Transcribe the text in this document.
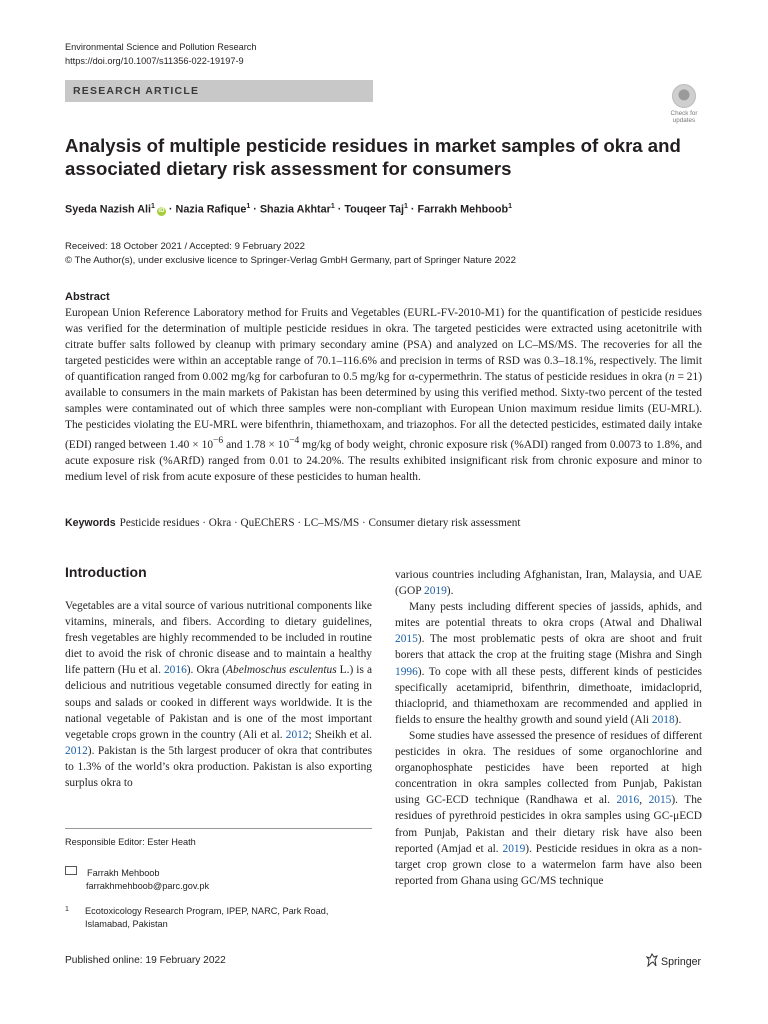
Environmental Science and Pollution Research
https://doi.org/10.1007/s11356-022-19197-9
RESEARCH ARTICLE
Check for updates
Analysis of multiple pesticide residues in market samples of okra and associated dietary risk assessment for consumers
Syeda Nazish Ali$^1$iD · Nazia Rafique$^1$ · Shazia Akhtar$^1$ · Touqeer Taj$^1$ · Farrakh Mehboob$^1$
Received: 18 October 2021 / Accepted: 9 February 2022
© The Author(s), under exclusive licence to Springer-Verlag GmbH Germany, part of Springer Nature 2022
Abstract
European Union Reference Laboratory method for Fruits and Vegetables (EURL-FV-2010-M1) for the quantification of pesticide residues was verified for the determination of multiple pesticide residues in okra. The targeted pesticides were extracted using acetonitrile with citrate buffer salts followed by cleanup with primary secondary amine (PSA) and analyzed on LC–MS/MS. The recoveries for all the targeted pesticides were within an acceptable range of 70.1–116.6% and precision in terms of RSD was 0.3–18.1%, respectively. The limit of quantification ranged from 0.002 mg/kg for carbofuran to 0.5 mg/kg for α-cypermethrin. The status of pesticide residues in okra (n = 21) available to consumers in the main markets of Pakistan has been determined by using this verified method. Sixty-two percent of the tested samples were contaminated out of which three samples were non-compliant with European Union maximum residue limits (EU-MRL). The pesticides violating the EU-MRL were bifenthrin, thiamethoxam, and triazophos. For all the detected pesticides, estimated daily intake (EDI) ranged between $1.40 \times 10^{-6}$ and $1.78 \times 10^{-4}$ mg/kg of body weight, chronic exposure risk (%ADI) ranged from 0.0073 to 1.8%, and acute exposure risk (%ARfD) ranged from 0.01 to 24.20%. The results exhibited insignificant risk from chronic exposure and minor to medium level of risk from acute exposure of these pesticides to human health.
Keywords Pesticide residues · Okra · QuEChERS · LC–MS/MS · Consumer dietary risk assessment
Introduction

Vegetables are a vital source of various nutritional components like vitamins, minerals, and fibers. According to dietary guidelines, fresh vegetables are highly recommended to be included in routine diet to avoid the risk of chronic disease and to maintain a healthy life pattern (Hu et al. 2016). Okra (Abelmoschus esculentus L.) is a delicious and nutritious vegetable consumed directly for eating in soups and salads or cooked in different ways worldwide. It is the national vegetable of Pakistan and is one of the most important vegetable crops grown in the country (Ali et al. 2012; Sheikh et al. 2012). Pakistan is the 5th largest producer of okra that contributes to 1.3% of the world’s okra production. Pakistan is also exporting surplus okra to

various countries including Afghanistan, Iran, Malaysia, and UAE (GOP 2019).

Many pests including different species of jassids, aphids, and mites are potential threats to okra crops (Atwal and Dhaliwal 2015). The most problematic pests of okra are shoot and fruit borers that attack the crop at the fruiting stage (Mishra and Singh 1996). To cope with all these pests, different kinds of pesticides specifically acetamiprid, bifenthrin, dimethoate, imidacloprid, thiacloprid, and thiamethoxam are recommended and applied in fields to ensure the healthy growth and sound yield (Ali 2018).

Some studies have assessed the presence of residues of different pesticides in okra. The residues of some organochlorine and organophosphate pesticides have been reported at high concentration in okra samples collected from Punjab, Pakistan using GC-ECD technique (Randhawa et al. 2016, 2015). The residues of pyrethroid pesticides in okra samples using GC-μECD from Punjab, Pakistan and their dietary risk have also been reported (Amjad et al. 2019). Pesticide residues in okra as a non-target crop grown close to a watermelon farm have also been reported from Ghana using GC/MS technique

Responsible Editor: Ester Heath
Farrakh Mehboob
farrakhmehboob@parc.gov.pk
1 Ecotoxicology Research Program, IPEP, NARC, Park Road,
Islamabad, Pakistan
Published online: 19 February 2022	Springer
